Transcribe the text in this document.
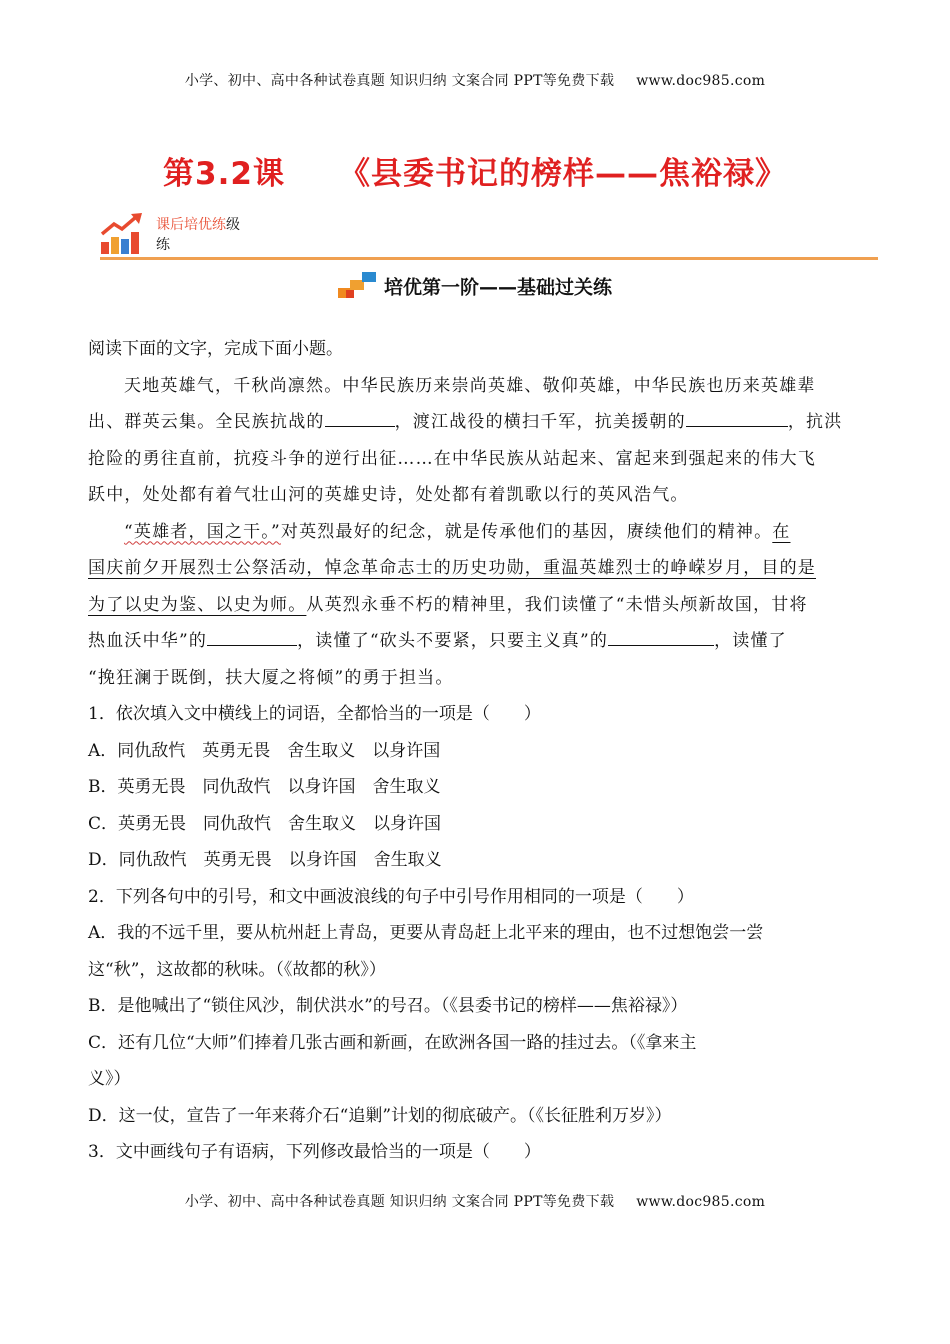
小学、初中、高中各种试卷真题 知识归纳 文案合同 PPT等免费下载 www.doc985.com
第3.2课 《县委书记的榜样——焦裕禄》
课后培优练级
练
培优第一阶——基础过关练
阅读下面的文字，完成下面小题。
天地英雄气，千秋尚凛然。中华民族历来崇尚英雄、敬仰英雄，中华民族也历来英雄辈
出、群英云集。全民族抗战的	，渡江战役的横扫千军，抗美援朝的	，抗洪
抢险的勇往直前，抗疫斗争的逆行出征……在中华民族从站起来、富起来到强起来的伟大飞
跃中，处处都有着气壮山河的英雄史诗，处处都有着凯歌以行的英风浩气。
“英雄者，国之干。”对英烈最好的纪念，就是传承他们的基因，赓续他们的精神。在
国庆前夕开展烈士公祭活动，悼念革命志士的历史功勋，重温英雄烈士的峥嵘岁月，目的是
为了以史为鉴、以史为师。从英烈永垂不朽的精神里，我们读懂了“未惜头颅新故国，甘将
热血沃中华”的	，读懂了“砍头不要紧，只要主义真”的	，读懂了
“挽狂澜于既倒，扶大厦之将倾”的勇于担当。
1．依次填入文中横线上的词语，全都恰当的一项是（　　）
A．同仇敌忾　英勇无畏　舍生取义　以身许国
B．英勇无畏　同仇敌忾　以身许国　舍生取义
C．英勇无畏　同仇敌忾　舍生取义　以身许国
D．同仇敌忾　英勇无畏　以身许国　舍生取义
2．下列各句中的引号，和文中画波浪线的句子中引号作用相同的一项是（　　）
A．我的不远千里，要从杭州赶上青岛，更要从青岛赶上北平来的理由，也不过想饱尝一尝
这“秋”，这故都的秋味。（《故都的秋》）
B．是他喊出了“锁住风沙，制伏洪水”的号召。（《县委书记的榜样——焦裕禄》）
C．还有几位“大师”们捧着几张古画和新画，在欧洲各国一路的挂过去。（《拿来主
义》）
D．这一仗，宣告了一年来蒋介石“追剿”计划的彻底破产。（《长征胜利万岁》）
3．文中画线句子有语病，下列修改最恰当的一项是（　　）
小学、初中、高中各种试卷真题 知识归纳 文案合同 PPT等免费下载 www.doc985.com
